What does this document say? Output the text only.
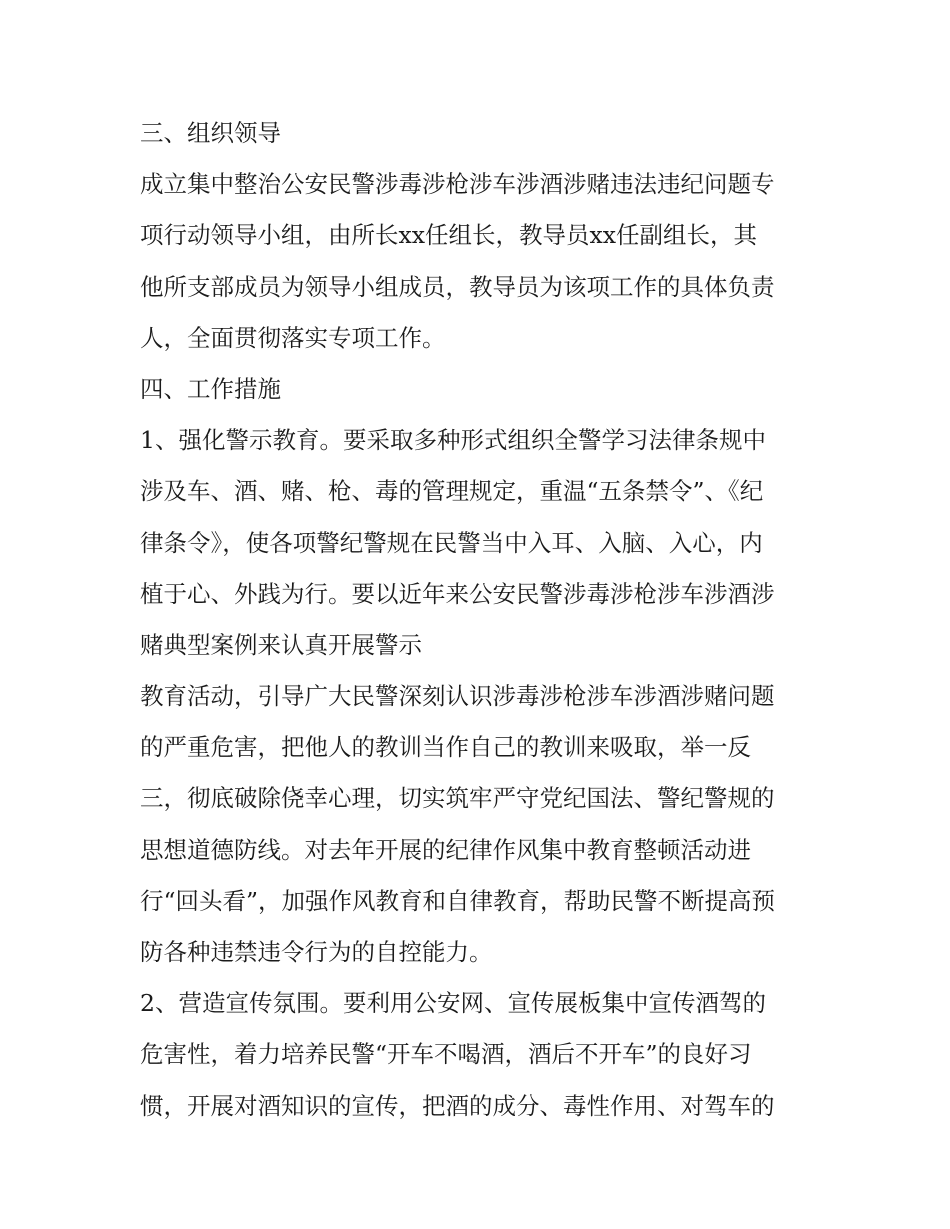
三、组织领导
成立集中整治公安民警涉毒涉枪涉车涉酒涉赌违法违纪问题专
项行动领导小组，由所长xx任组长，教导员xx任副组长，其
他所支部成员为领导小组成员，教导员为该项工作的具体负责
人，全面贯彻落实专项工作。
四、工作措施
1、强化警示教育。要采取多种形式组织全警学习法律条规中
涉及车、酒、赌、枪、毒的管理规定，重温“五条禁令”、《纪
律条令》，使各项警纪警规在民警当中入耳、入脑、入心，内
植于心、外践为行。要以近年来公安民警涉毒涉枪涉车涉酒涉
赌典型案例来认真开展警示
教育活动，引导广大民警深刻认识涉毒涉枪涉车涉酒涉赌问题
的严重危害，把他人的教训当作自己的教训来吸取，举一反
三，彻底破除侥幸心理，切实筑牢严守党纪国法、警纪警规的
思想道德防线。对去年开展的纪律作风集中教育整顿活动进
行“回头看”，加强作风教育和自律教育，帮助民警不断提高预
防各种违禁违令行为的自控能力。
2、营造宣传氛围。要利用公安网、宣传展板集中宣传酒驾的
危害性，着力培养民警“开车不喝酒，酒后不开车”的良好习
惯，开展对酒知识的宣传，把酒的成分、毒性作用、对驾车的
